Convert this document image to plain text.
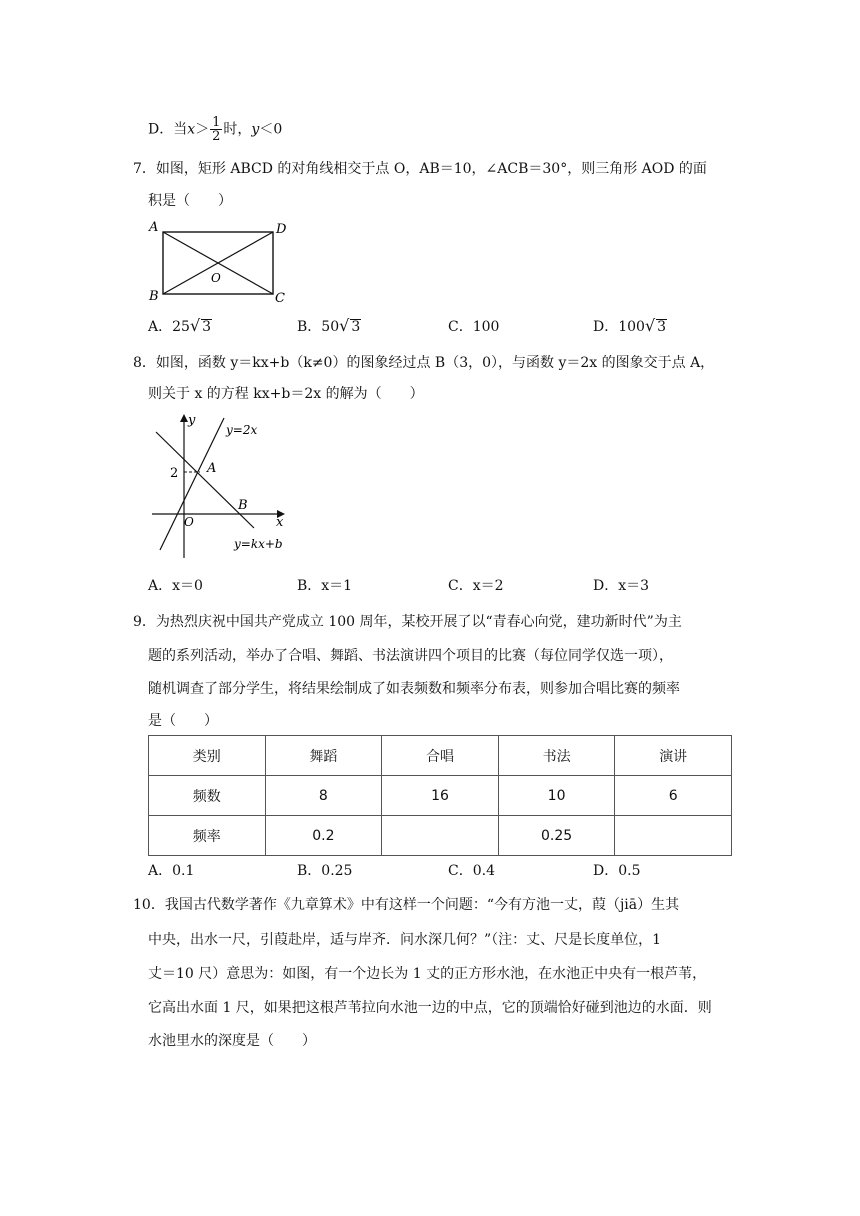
D．当$x> \frac{1}{2}$ 时，y＜0
7．如图，矩形 ABCD 的对角线相交于点 O，AB＝10，∠ACB＝30°，则三角形 AOD 的面
积是（　　）
A	D
B	C
O
A．25√ 3	B．50√ 3	C．100	D．100√ 3
8．如图，函数 y＝kx+b（k≠0）的图象经过点 B（3，0），与函数 y＝2x 的图象交于点 A，
则关于 x 的方程 kx+b＝2x 的解为（　　）
y
x
O
2 A
B
y=2x
y=kx+b
A．x＝0	B．x＝1	C．x＝2	D．x＝3
9．为热烈庆祝中国共产党成立 100 周年，某校开展了以“青春心向党，建功新时代”为主
题的系列活动，举办了合唱、舞蹈、书法演讲四个项目的比赛（每位同学仅选一项），
随机调查了部分学生，将结果绘制成了如表频数和频率分布表，则参加合唱比赛的频率
是（　　）
类别	舞蹈	合唱	书法	演讲
频数	8	16	10	6
频率	0.2		0.25	
A．0.1	B．0.25	C．0.4	D．0.5
10．我国古代数学著作《九章算术》中有这样一个问题：“今有方池一丈，葭（jiā）生其
中央，出水一尺，引葭赴岸，适与岸齐．问水深几何？”（注：丈、尺是长度单位，1
丈＝10 尺）意思为：如图，有一个边长为 1 丈的正方形水池，在水池正中央有一根芦苇，
它高出水面 1 尺，如果把这根芦苇拉向水池一边的中点，它的顶端恰好碰到池边的水面．则
水池里水的深度是（　　）
